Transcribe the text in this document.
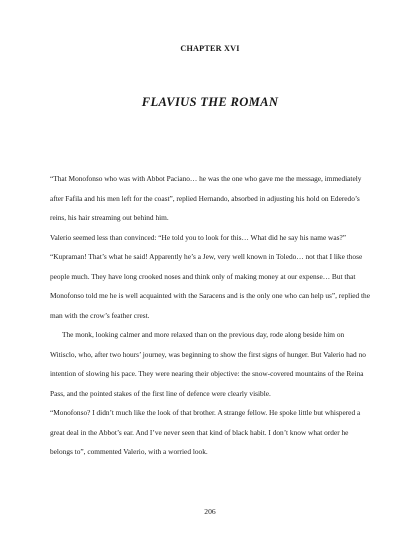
CHAPTER XVI
FLAVIUS THE ROMAN

“That Monofonso who was with Abbot Paciano… he was the one who gave me the message, immediately after Fafila and his men left for the coast”, replied Hernando, absorbed in adjusting his hold on Ederedo’s reins, his hair streaming out behind him.

Valerio seemed less than convinced: “He told you to look for this… What did he say his name was?”

“Kupraman! That’s what he said! Apparently he’s a Jew, very well known in Toledo… not that I like those people much. They have long crooked noses and think only of making money at our expense… But that Monofonso told me he is well acquainted with the Saracens and is the only one who can help us”, replied the man with the crow’s feather crest.

The monk, looking calmer and more relaxed than on the previous day, rode along beside him on Witisclo, who, after two hours’ journey, was beginning to show the first signs of hunger. But Valerio had no intention of slowing his pace. They were nearing their objective: the snow-covered mountains of the Reina Pass, and the pointed stakes of the first line of defence were clearly visible.

“Monofonso? I didn’t much like the look of that brother. A strange fellow. He spoke little but whispered a great deal in the Abbot’s ear. And I’ve never seen that kind of black habit. I don’t know what order he belongs to”, commented Valerio, with a worried look.

206
